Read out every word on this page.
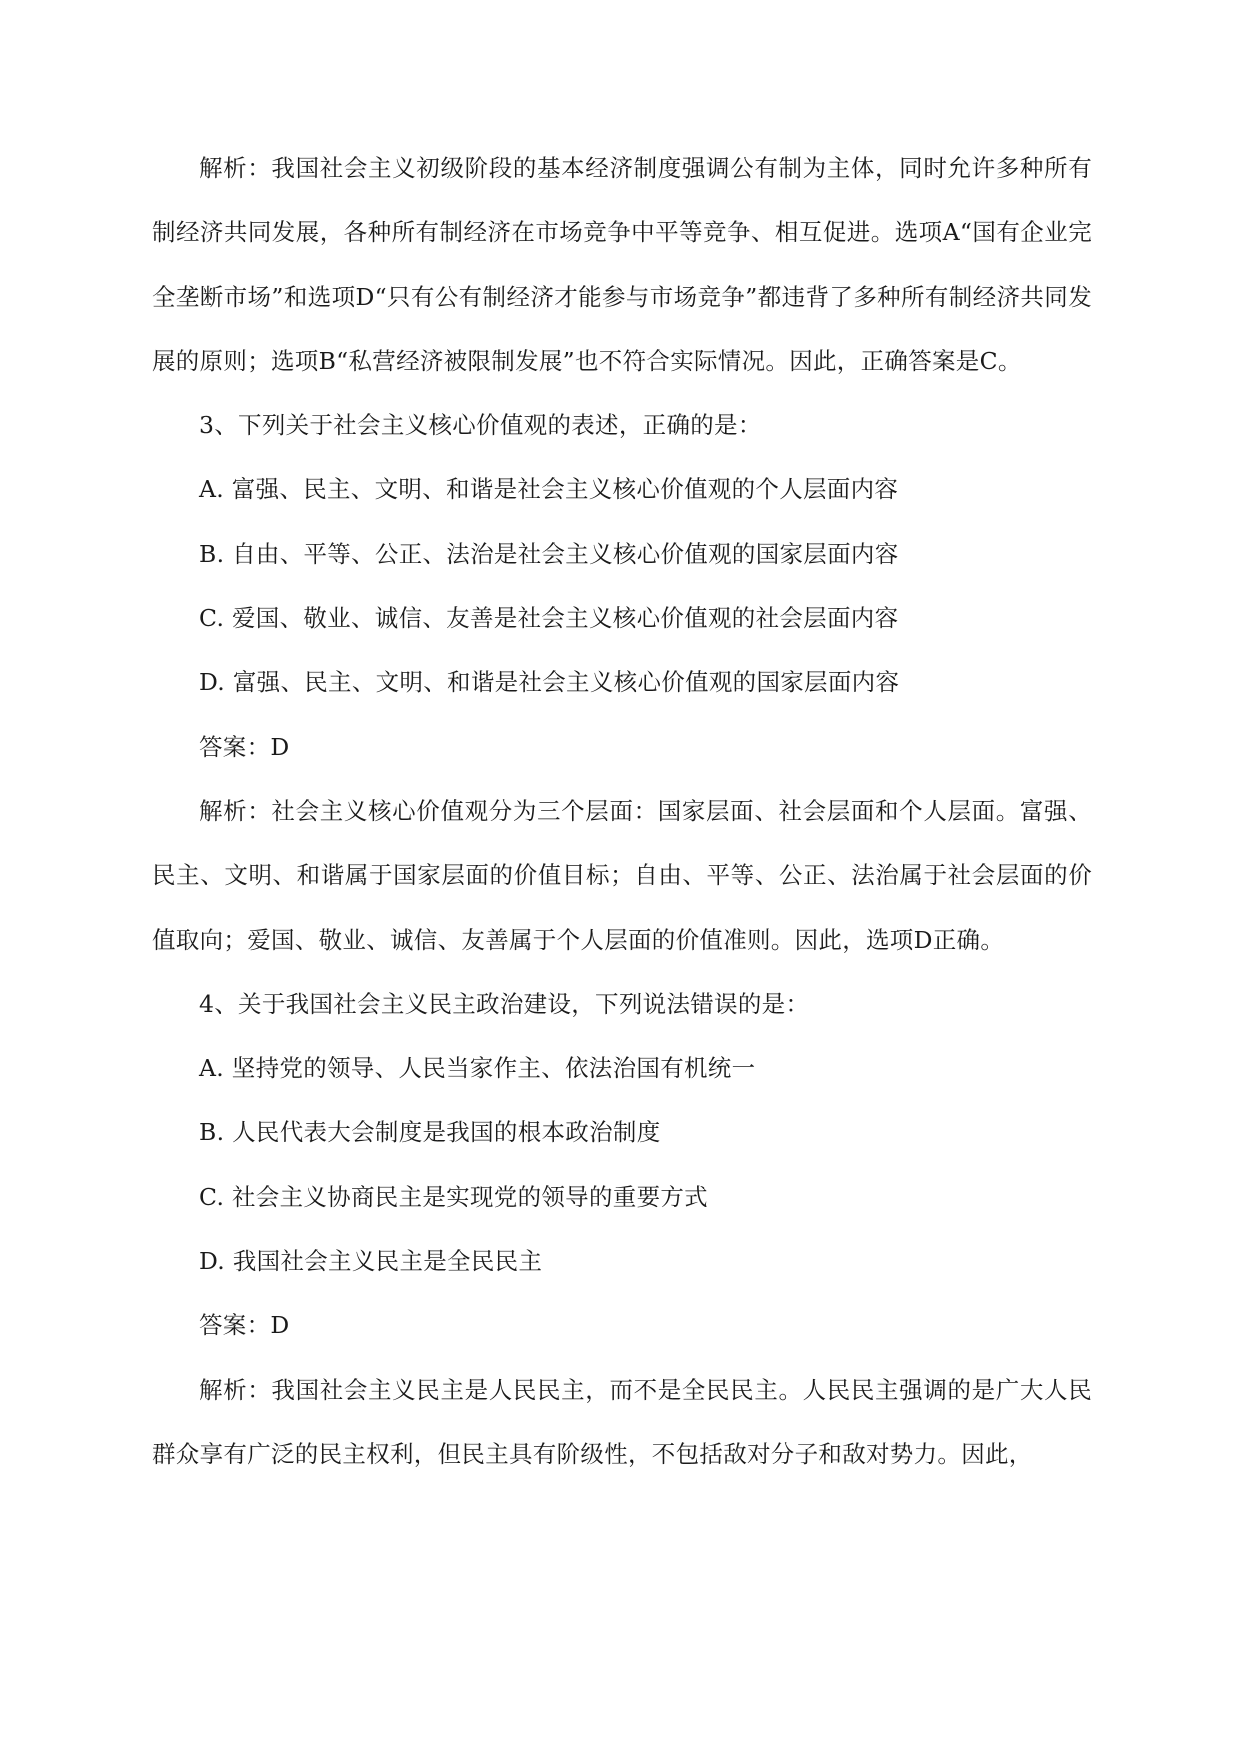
解析：我国社会主义初级阶段的基本经济制度强调公有制为主体，同时允许多种所有制经济共同发展，各种所有制经济在市场竞争中平等竞争、相互促进。选项A“国有企业完全垄断市场”和选项D“只有公有制经济才能参与市场竞争”都违背了多种所有制经济共同发展的原则；选项B“私营经济被限制发展”也不符合实际情况。因此，正确答案是C。

3、下列关于社会主义核心价值观的表述，正确的是：

A. 富强、民主、文明、和谐是社会主义核心价值观的个人层面内容

B. 自由、平等、公正、法治是社会主义核心价值观的国家层面内容

C. 爱国、敬业、诚信、友善是社会主义核心价值观的社会层面内容

D. 富强、民主、文明、和谐是社会主义核心价值观的国家层面内容

答案：D

解析：社会主义核心价值观分为三个层面：国家层面、社会层面和个人层面。富强、民主、文明、和谐属于国家层面的价值目标；自由、平等、公正、法治属于社会层面的价值取向；爱国、敬业、诚信、友善属于个人层面的价值准则。因此，选项D正确。

4、关于我国社会主义民主政治建设，下列说法错误的是：

A. 坚持党的领导、人民当家作主、依法治国有机统一

B. 人民代表大会制度是我国的根本政治制度

C. 社会主义协商民主是实现党的领导的重要方式

D. 我国社会主义民主是全民民主

答案：D

解析：我国社会主义民主是人民民主，而不是全民民主。人民民主强调的是广大人民群众享有广泛的民主权利，但民主具有阶级性，不包括敌对分子和敌对势力。因此，
